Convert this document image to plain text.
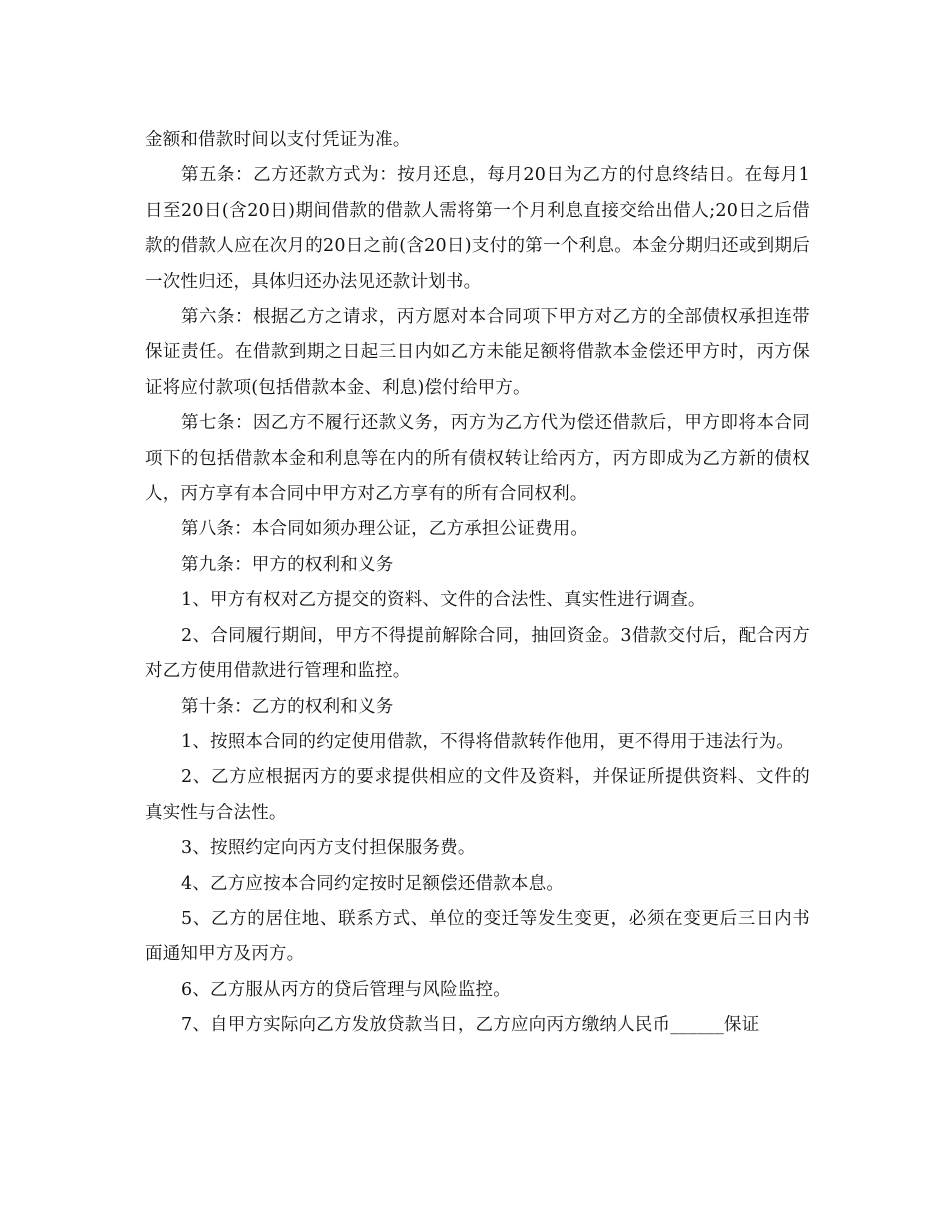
金额和借款时间以支付凭证为准。

第五条：乙方还款方式为：按月还息，每月20日为乙方的付息终结日。在每月1日至20日(含20日)期间借款的借款人需将第一个月利息直接交给出借人;20日之后借款的借款人应在次月的20日之前(含20日)支付的第一个利息。本金分期归还或到期后一次性归还，具体归还办法见还款计划书。

第六条：根据乙方之请求，丙方愿对本合同项下甲方对乙方的全部债权承担连带保证责任。在借款到期之日起三日内如乙方未能足额将借款本金偿还甲方时，丙方保证将应付款项(包括借款本金、利息)偿付给甲方。

第七条：因乙方不履行还款义务，丙方为乙方代为偿还借款后，甲方即将本合同项下的包括借款本金和利息等在内的所有债权转让给丙方，丙方即成为乙方新的债权人，丙方享有本合同中甲方对乙方享有的所有合同权利。

第八条：本合同如须办理公证，乙方承担公证费用。

第九条：甲方的权利和义务

1、甲方有权对乙方提交的资料、文件的合法性、真实性进行调查。

2、合同履行期间，甲方不得提前解除合同，抽回资金。3借款交付后，配合丙方对乙方使用借款进行管理和监控。

第十条：乙方的权利和义务

1、按照本合同的约定使用借款，不得将借款转作他用，更不得用于违法行为。

2、乙方应根据丙方的要求提供相应的文件及资料，并保证所提供资料、文件的真实性与合法性。

3、按照约定向丙方支付担保服务费。

4、乙方应按本合同约定按时足额偿还借款本息。

5、乙方的居住地、联系方式、单位的变迁等发生变更，必须在变更后三日内书面通知甲方及丙方。

6、乙方服从丙方的贷后管理与风险监控。

7、自甲方实际向乙方发放贷款当日，乙方应向丙方缴纳人民币______保证
